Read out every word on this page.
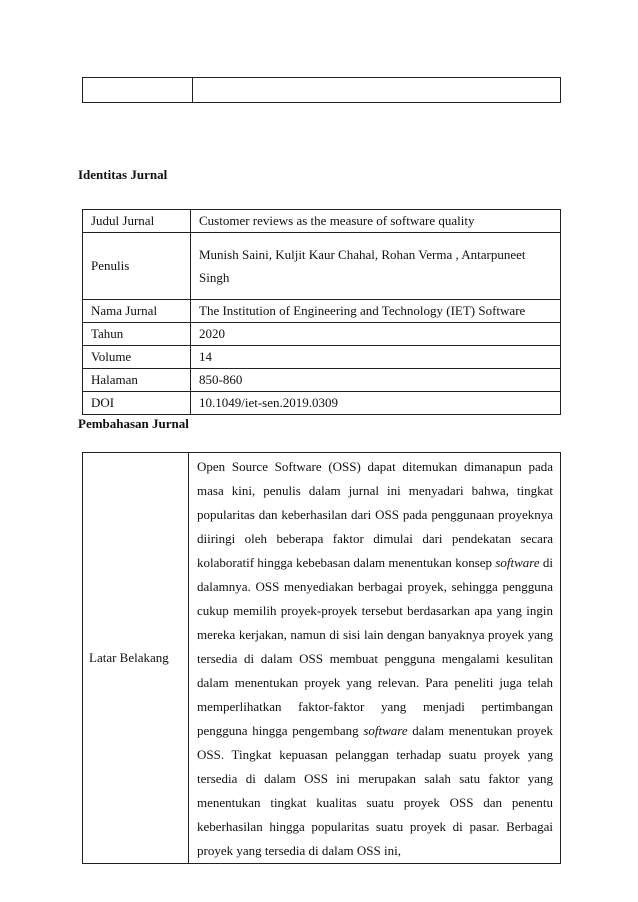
Identitas Jurnal
Judul Jurnal	Customer reviews as the measure of software quality
Penulis	Munish Saini, Kuljit Kaur Chahal, Rohan Verma , Antarpuneet
Singh
Nama Jurnal	The Institution of Engineering and Technology (IET) Software
Tahun	2020
Volume	14
Halaman	850-860
DOI	10.1049/iet-sen.2019.0309
Pembahasan Jurnal
Latar Belakang	Open Source Software (OSS) dapat ditemukan dimanapun pada masa kini, penulis dalam jurnal ini menyadari bahwa, tingkat popularitas dan keberhasilan dari OSS pada penggunaan proyeknya diiringi oleh beberapa faktor dimulai dari pendekatan secara kolaboratif hingga kebebasan dalam menentukan konsep software di dalamnya. OSS menyediakan berbagai proyek, sehingga pengguna cukup memilih proyek-proyek tersebut berdasarkan apa yang ingin mereka kerjakan, namun di sisi lain dengan banyaknya proyek yang tersedia di dalam OSS membuat pengguna mengalami kesulitan dalam menentukan proyek yang relevan. Para peneliti juga telah memperlihatkan faktor-faktor yang menjadi pertimbangan pengguna hingga pengembang software dalam menentukan proyek OSS. Tingkat kepuasan pelanggan terhadap suatu proyek yang tersedia di dalam OSS ini merupakan salah satu faktor yang menentukan tingkat kualitas suatu proyek OSS dan penentu keberhasilan hingga popularitas suatu proyek di pasar. Berbagai proyek yang tersedia di dalam OSS ini,
